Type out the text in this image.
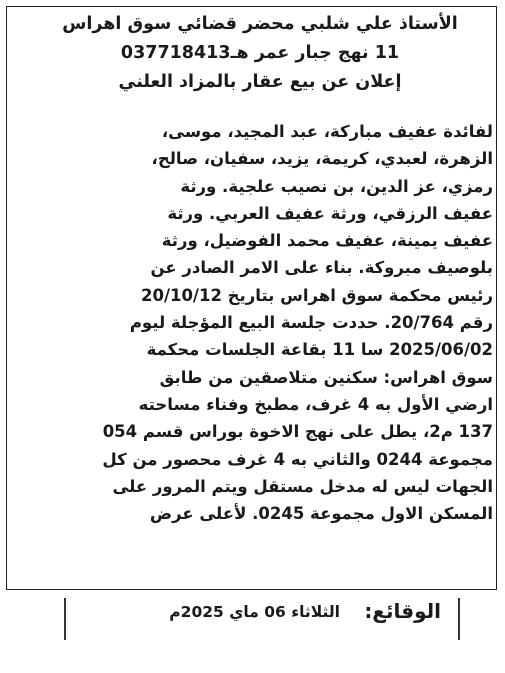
الأستاذ علي شلبي محضر قضائي سوق اهراس
11 نهج جبار عمر هـ037718413
إعلان عن بيع عقار بالمزاد العلني
لفائدة عفيف مباركة، عبد المجيد، موسى،
الزهرة، لعبدي، كريمة، يزيد، سفيان، صالح،
رمزي، عز الدين، بن نصيب علجية. ورثة
عفيف الرزقي، ورثة عفيف العربي. ورثة
عفيف يمينة، عفيف محمد الفوضيل، ورثة
بلوصيف مبروكة. بناء على الامر الصادر عن
رئيس محكمة سوق اهراس بتاريخ 20/10/12
رقم 20/764. حددت جلسة البيع المؤجلة ليوم
2025/06/02 سا 11 بقاعة الجلسات محكمة
سوق اهراس: سكنين متلاصقين من طابق
ارضي الأول به 4 غرف، مطبخ وفناء مساحته
137 م2، يطل على نهج الاخوة بوراس قسم 054
مجموعة 0244 والثاني به 4 غرف محصور من كل
الجهات ليس له مدخل مستقل ويتم المرور على
المسكن الاول مجموعة 0245. لأعلى عرض
الوقائع:
الثلاثاء 06 ماي 2025م
